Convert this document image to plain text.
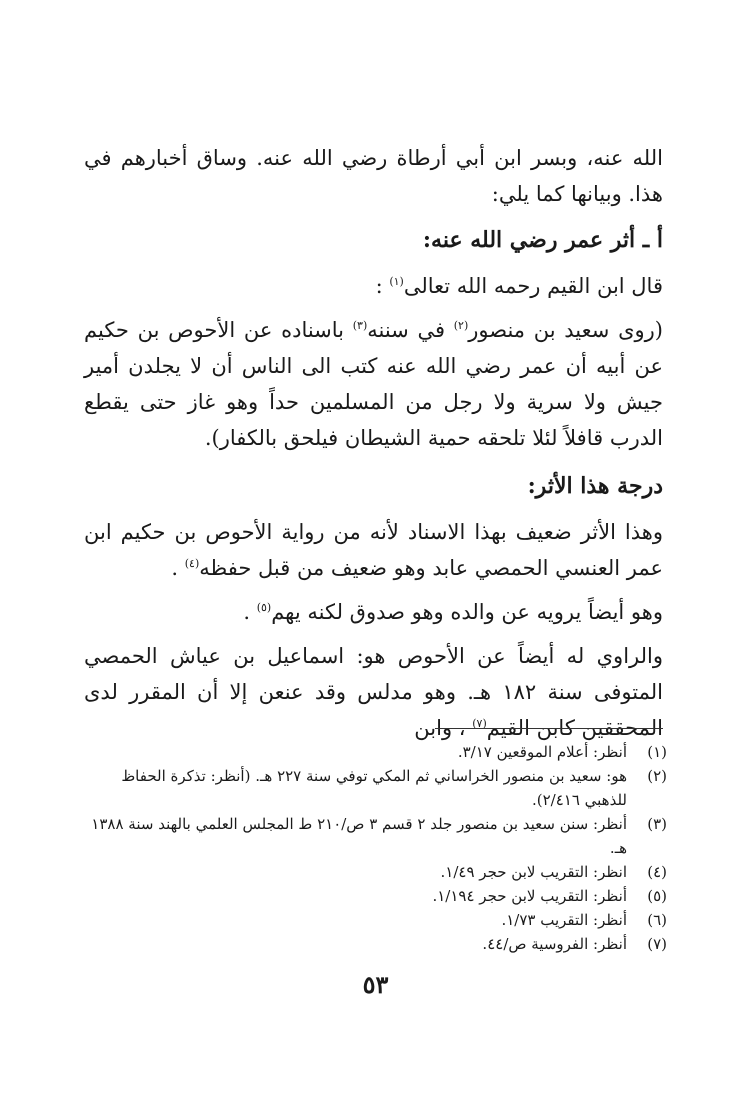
الله عنه، وبسر ابن أبي أرطاة رضي الله عنه. وساق أخبارهم في هذا. وبيانها كما يلي:

أ ـ أثر عمر رضي الله عنه:

قال ابن القيم رحمه الله تعالى$^{(١)}$ :

(روى سعيد بن منصور$^{(٢)}$ في سننه$^{(٣)}$ باسناده عن الأحوص بن حكيم عن أبيه أن عمر رضي الله عنه كتب الى الناس أن لا يجلدن أمير جيش ولا سرية ولا رجل من المسلمين حداً وهو غاز حتى يقطع الدرب قافلاً لئلا تلحقه حمية الشيطان فيلحق بالكفار).

درجة هذا الأثر:

وهذا الأثر ضعيف بهذا الاسناد لأنه من رواية الأحوص بن حكيم ابن عمر العنسي الحمصي عابد وهو ضعيف من قبل حفظه$^{(٤)}$ .

وهو أيضاً يرويه عن والده وهو صدوق لكنه يهم$^{(٥)}$ .

والراوي له أيضاً عن الأحوص هو: اسماعيل بن عياش الحمصي المتوفى سنة ١٨٢ هـ. وهو مدلس وقد عنعن إلا أن المقرر لدى المحققين كابن القيم$^{(٧)}$ ، وابن

(١)
أنظر: أعلام الموقعين ٣/١٧.
(٢)
هو: سعيد بن منصور الخراساني ثم المكي توفي سنة ٢٢٧ هـ. (أنظر: تذكرة الحفاظ للذهبي ٢/٤١٦).
(٣)
أنظر: سنن سعيد بن منصور جلد ٢ قسم ٣ ص/٢١٠ ط المجلس العلمي بالهند سنة ١٣٨٨ هـ.
(٤)
انظر: التقريب لابن حجر ١/٤٩.
(٥)
أنظر: التقريب لابن حجر ١/١٩٤.
(٦)
أنظر: التقريب ١/٧٣.
(٧)
أنظر: الفروسية ص/٤٤.
٥٣
